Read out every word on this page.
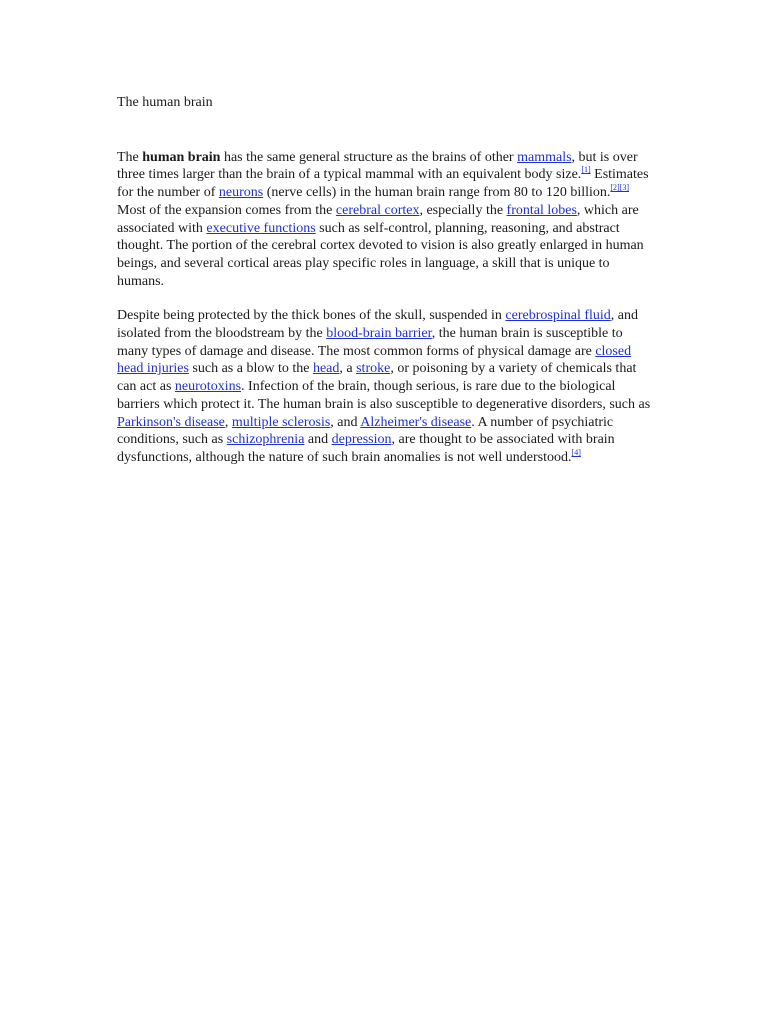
The human brain

The human brain has the same general structure as the brains of other mammals, but is over three times larger than the brain of a typical mammal with an equivalent body size.[1] Estimates for the number of neurons (nerve cells) in the human brain range from 80 to 120 billion.[2][3] Most of the expansion comes from the cerebral cortex, especially the frontal lobes, which are associated with executive functions such as self-control, planning, reasoning, and abstract thought. The portion of the cerebral cortex devoted to vision is also greatly enlarged in human beings, and several cortical areas play specific roles in language, a skill that is unique to humans.

Despite being protected by the thick bones of the skull, suspended in cerebrospinal fluid, and isolated from the bloodstream by the blood-brain barrier, the human brain is susceptible to many types of damage and disease. The most common forms of physical damage are closed head injuries such as a blow to the head, a stroke, or poisoning by a variety of chemicals that can act as neurotoxins. Infection of the brain, though serious, is rare due to the biological barriers which protect it. The human brain is also susceptible to degenerative disorders, such as Parkinson's disease, multiple sclerosis, and Alzheimer's disease. A number of psychiatric conditions, such as schizophrenia and depression, are thought to be associated with brain dysfunctions, although the nature of such brain anomalies is not well understood.[4]
